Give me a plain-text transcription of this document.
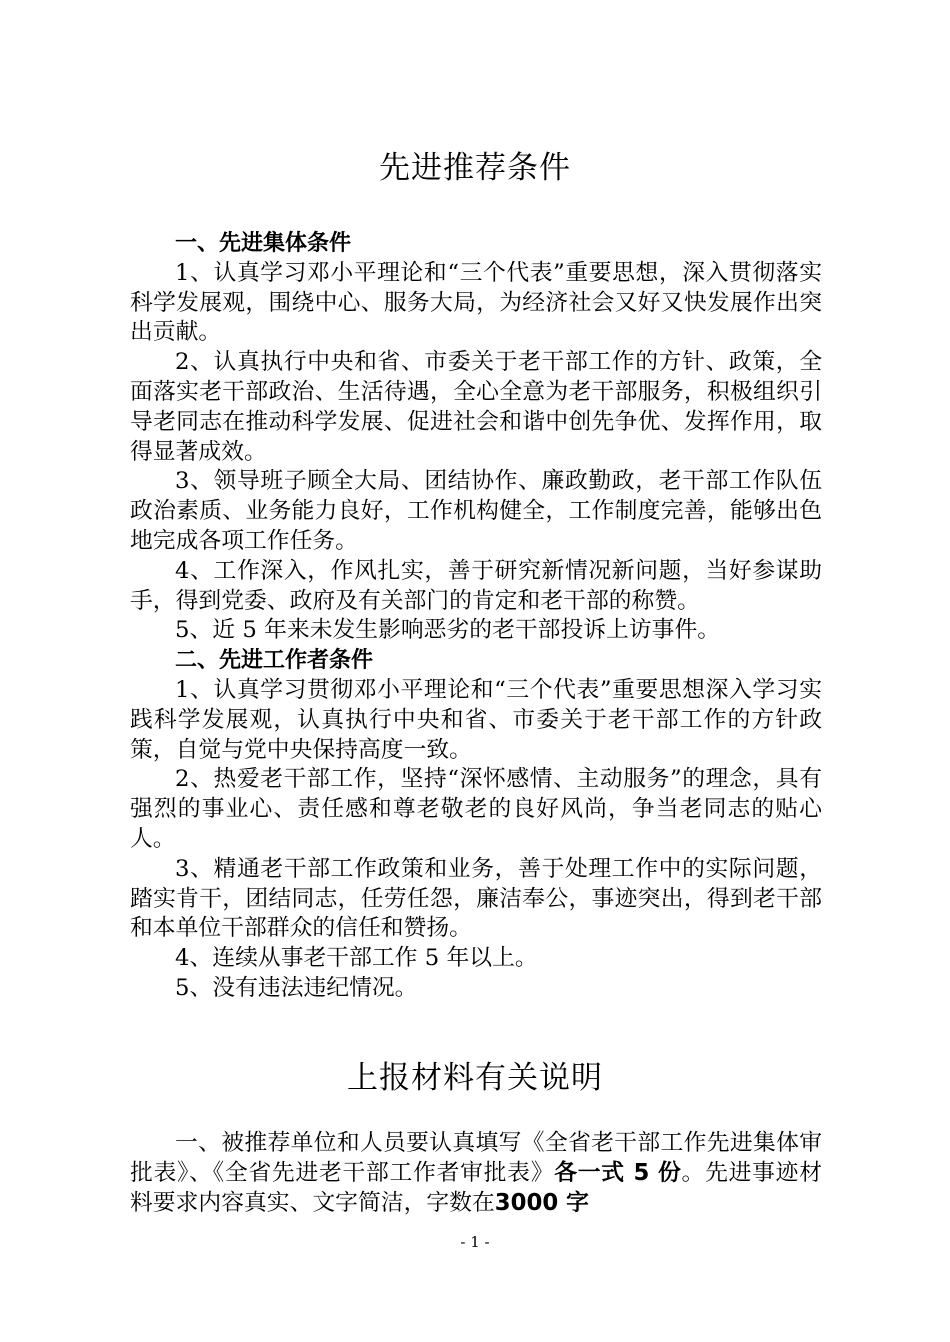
先进推荐条件
一、先进集体条件

1、认真学习邓小平理论和“三个代表”重要思想，深入贯彻落实科学发展观，围绕中心、服务大局，为经济社会又好又快发展作出突出贡献。

2、认真执行中央和省、市委关于老干部工作的方针、政策，全面落实老干部政治、生活待遇，全心全意为老干部服务，积极组织引导老同志在推动科学发展、促进社会和谐中创先争优、发挥作用，取得显著成效。

3、领导班子顾全大局、团结协作、廉政勤政，老干部工作队伍政治素质、业务能力良好，工作机构健全，工作制度完善，能够出色地完成各项工作任务。

4、工作深入，作风扎实，善于研究新情况新问题，当好参谋助手，得到党委、政府及有关部门的肯定和老干部的称赞。

5、近 5 年来未发生影响恶劣的老干部投诉上访事件。

二、先进工作者条件

1、认真学习贯彻邓小平理论和“三个代表”重要思想深入学习实践科学发展观，认真执行中央和省、市委关于老干部工作的方针政策，自觉与党中央保持高度一致。

2、热爱老干部工作，坚持“深怀感情、主动服务”的理念，具有强烈的事业心、责任感和尊老敬老的良好风尚，争当老同志的贴心人。

3、精通老干部工作政策和业务，善于处理工作中的实际问题，踏实肯干，团结同志，任劳任怨，廉洁奉公，事迹突出，得到老干部和本单位干部群众的信任和赞扬。

4、连续从事老干部工作 5 年以上。

5、没有违法违纪情况。

上报材料有关说明

一、被推荐单位和人员要认真填写《全省老干部工作先进集体审批表》、《全省先进老干部工作者审批表》各一式 5 份。先进事迹材料要求内容真实、文字简洁，字数在3000 字

- 1 -
